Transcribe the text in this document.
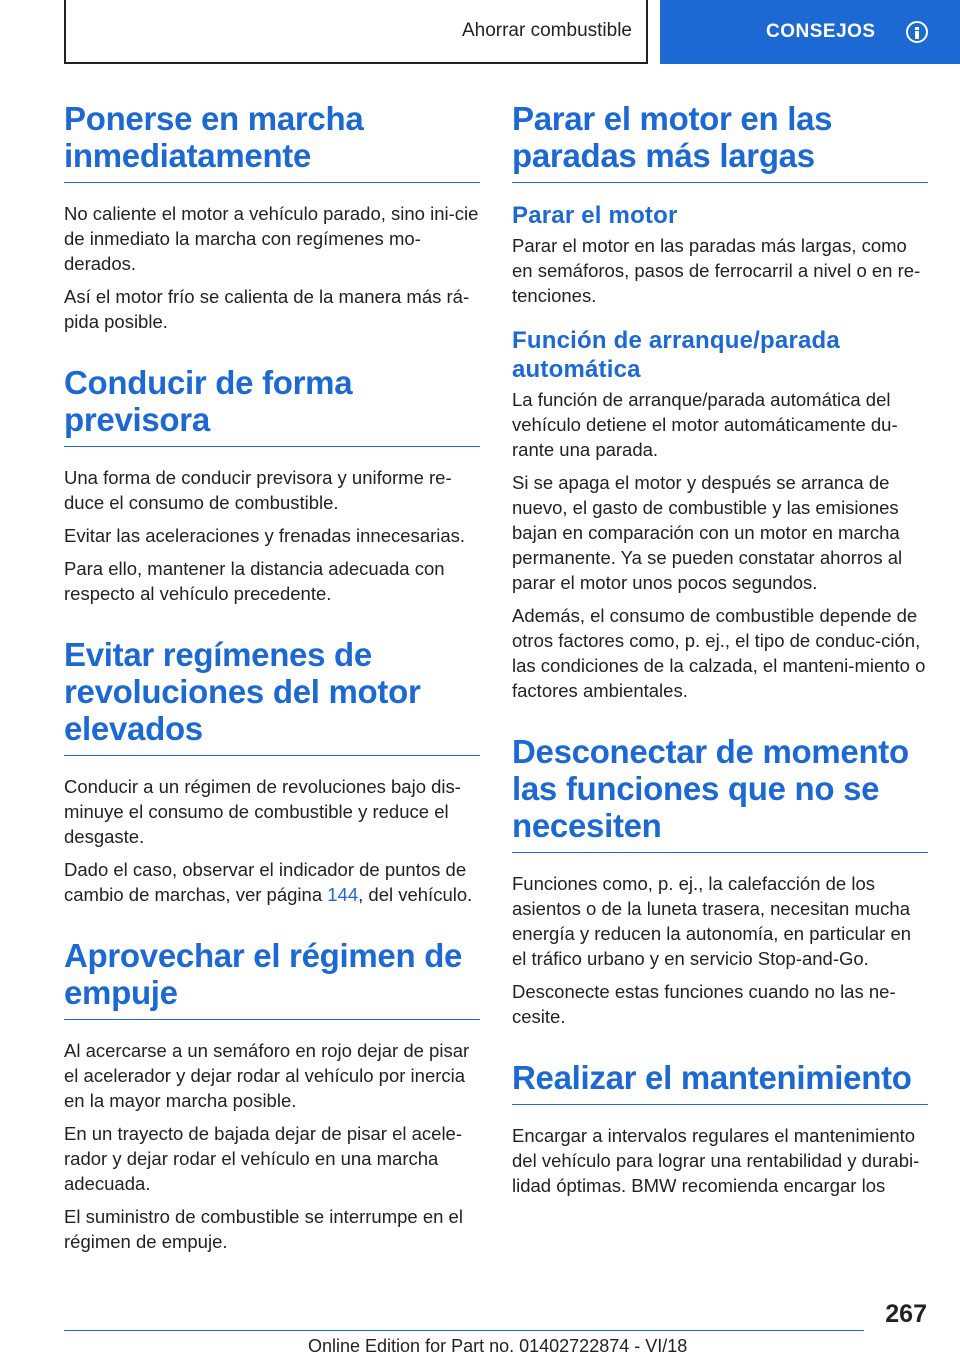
Ahorrar combustible	CONSEJOS
Ponerse en marcha inmediatamente

No caliente el motor a vehículo parado, sino ini-cie de inmediato la marcha con regímenes mo-derados.

Así el motor frío se calienta de la manera más rá-pida posible.

Conducir de forma previsora

Una forma de conducir previsora y uniforme re-duce el consumo de combustible.

Evitar las aceleraciones y frenadas innecesarias.

Para ello, mantener la distancia adecuada con respecto al vehículo precedente.

Evitar regímenes de revoluciones del motor elevados

Conducir a un régimen de revoluciones bajo dis-minuye el consumo de combustible y reduce el desgaste.

Dado el caso, observar el indicador de puntos de cambio de marchas, ver página 144, del vehículo.

Aprovechar el régimen de empuje

Al acercarse a un semáforo en rojo dejar de pisar el acelerador y dejar rodar al vehículo por inercia en la mayor marcha posible.

En un trayecto de bajada dejar de pisar el acele-rador y dejar rodar el vehículo en una marcha adecuada.

El suministro de combustible se interrumpe en el régimen de empuje.

Parar el motor en las paradas más largas
Parar el motor

Parar el motor en las paradas más largas, como en semáforos, pasos de ferrocarril a nivel o en re-tenciones.

Función de arranque/parada automática

La función de arranque/parada automática del vehículo detiene el motor automáticamente du-rante una parada.

Si se apaga el motor y después se arranca de nuevo, el gasto de combustible y las emisiones bajan en comparación con un motor en marcha permanente. Ya se pueden constatar ahorros al parar el motor unos pocos segundos.

Además, el consumo de combustible depende de otros factores como, p. ej., el tipo de conduc-ción, las condiciones de la calzada, el manteni-miento o factores ambientales.

Desconectar de momento las funciones que no se necesiten

Funciones como, p. ej., la calefacción de los asientos o de la luneta trasera, necesitan mucha energía y reducen la autonomía, en particular en el tráfico urbano y en servicio Stop-and-Go.

Desconecte estas funciones cuando no las ne-cesite.

Realizar el mantenimiento

Encargar a intervalos regulares el mantenimiento del vehículo para lograr una rentabilidad y durabi-lidad óptimas. BMW recomienda encargar los

267
Online Edition for Part no. 01402722874 - VI/18
